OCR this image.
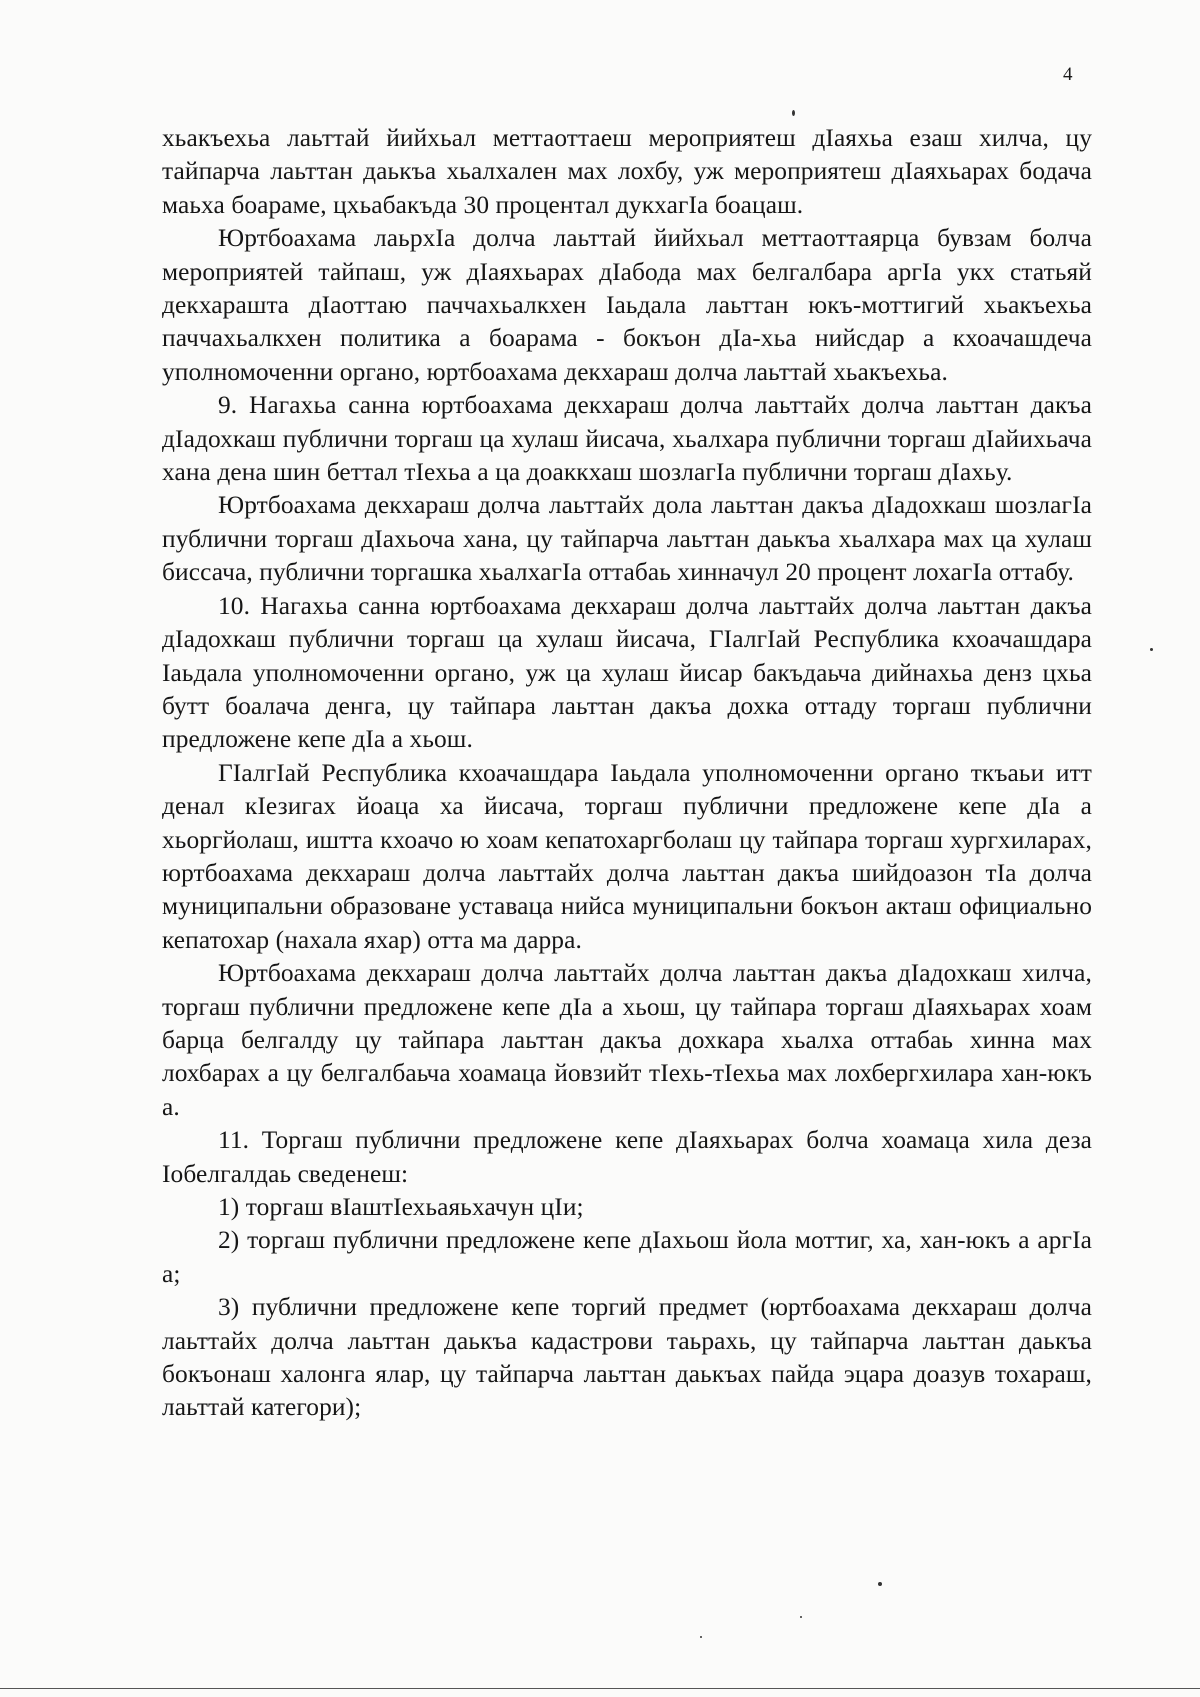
4

хьакъехьа лаьттай йийхьал меттаоттаеш мероприятеш дIаяхьа езаш хилча, цу тайпарча лаьттан даькъа хьалхален мах лохбу, уж мероприятеш дIаяхьарах бодача маьха боараме, цхьабакъда 30 процентал дукхагIа боацаш.

Юртбоахама лаьрхIа долча лаьттай йийхьал меттаоттаярца бувзам болча мероприятей тайпаш, уж дIаяхьарах дIабода мах белгалбара аргIа укх статьяй декхараштa дIаоттаю паччахьалкхен Iаьдала лаьттан юкъ-моттигий хьакъехьа паччахьалкхен политика а боарама - бокъон дIа-хьа нийсдар а кхоачашдеча уполномоченни органо, юртбоахама декхараш долча лаьттай хьакъехьа.

9. Нагахьа санна юртбоахама декхараш долча лаьттайх долча лаьттан дакъа дIадохкаш публични торгаш ца хулаш йисача, хьалхара публични торгаш дIайихьача хана дена шин беттал тIехьа а ца доаккхаш шозлагIа публични торгаш дIахьу.

Юртбоахама декхараш долча лаьттайх дола лаьттан дакъа дIадохкаш шозлагIа публични торгаш дIахьоча хана, цу тайпарча лаьттан даькъа хьалхара мах ца хулаш биссача, публични торгашка хьалхагIа оттабаь хинначул 20 процент лохагIа оттабу.

10. Нагахьа санна юртбоахама декхараш долча лаьттайх долча лаьттан дакъа дIадохкаш публични торгаш ца хулаш йисача, ГIалгIай Республика кхоачашдара Iаьдала уполномоченни органо, уж ца хулаш йисар бакъдаьча дийнахьа денз цхьа бутт боалача денга, цу тайпара лаьттан дакъа дохка оттаду торгаш публични предложене кепе дIа а хьош.

ГIалгIай Республика кхоачашдара Iаьдала уполномоченни органо ткъаьи итт денал кIезигах йоаца ха йисача, торгаш публични предложене кепе дIа а хьоргйолаш, иштта кхоачо ю хоам кепатохаргболаш цу тайпара торгаш хургхиларах, юртбоахама декхараш долча лаьттайх долча лаьттан дакъа шийдоазон тIа долча муниципальни образоване уставаца нийса муниципальни бокъон акташ официально кепатохар (нахала яхар) отта ма дарра.

Юртбоахама декхараш долча лаьттайх долча лаьттан дакъа дIадохкаш хилча, торгаш публични предложене кепе дIа а хьош, цу тайпара торгаш дIаяхьарах хоам барца белгалду цу тайпара лаьттан дакъа дохкара хьалха оттабаь хинна мах лохбарах а цу белгалбаьча хоамаца йовзийт тIехь-тIехьа мах лохбергхилара хан-юкъ а.

11. Торгаш публични предложене кепе дIаяхьарах болча хоамаца хила деза Iобелгалдаь сведенеш:

1) торгаш вIаштIехьаяьхачун цIи;

2) торгаш публични предложене кепе дIахьош йола моттиг, ха, хан-юкъ а аргIа а;

3) публични предложене кепе торгий предмет (юртбоахама декхараш долча лаьттайх долча лаьттан даькъа кадастрови таьрахь, цу тайпарча лаьттан даькъа бокъонаш халонга ялар, цу тайпарча лаьттан даькъах пайда эцара доазув тохараш, лаьттай категори);
